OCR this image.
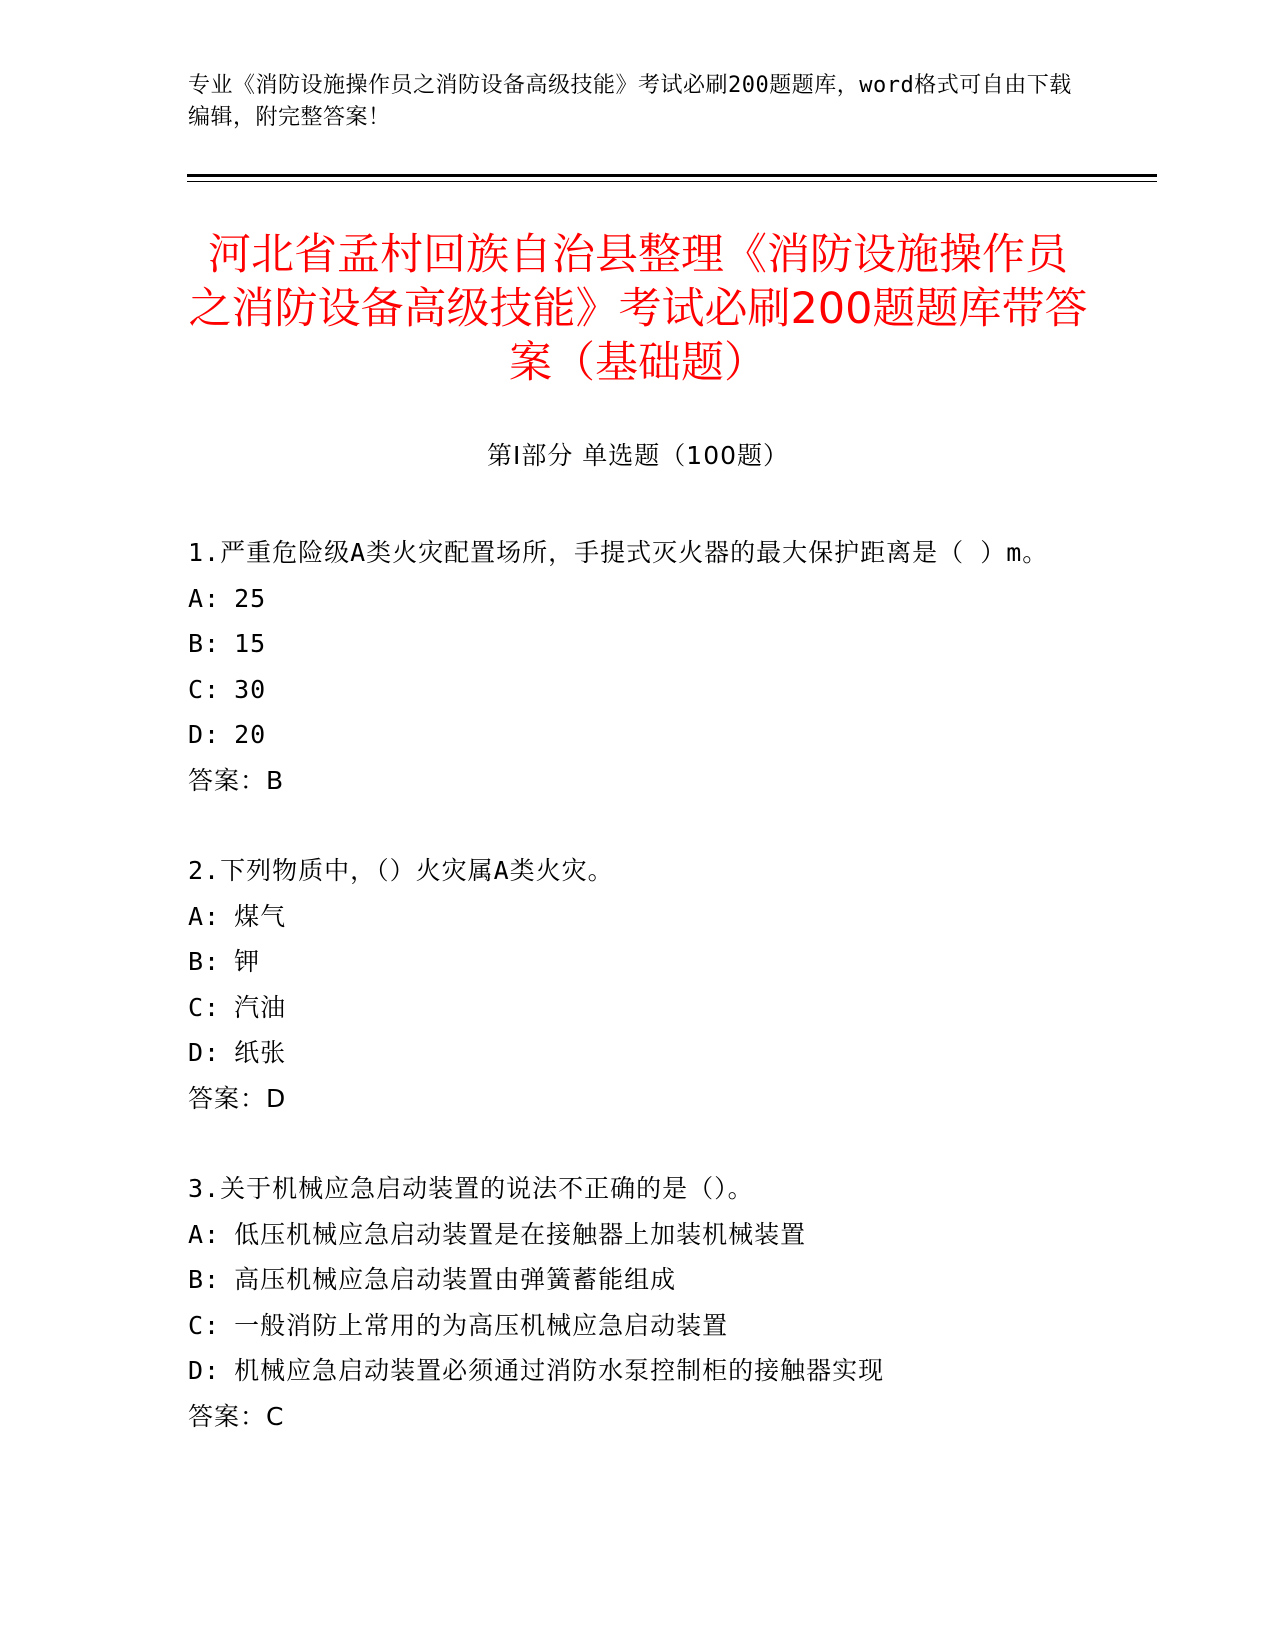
专业《消防设施操作员之消防设备高级技能》考试必刷200题题库，word格式可自由下载编辑，附完整答案！
河北省孟村回族自治县整理《消防设施操作员之消防设备高级技能》考试必刷200题题库带答案（基础题）
第Ⅰ部分 单选题（100题）
1.严重危险级A类火灾配置场所，手提式灭火器的最大保护距离是（ ）m。
A: 25
B: 15
C: 30
D: 20
答案：B
2.下列物质中，（）火灾属A类火灾。
A: 煤气
B: 钾
C: 汽油
D: 纸张
答案：D
3.关于机械应急启动装置的说法不正确的是（）。
A: 低压机械应急启动装置是在接触器上加装机械装置
B: 高压机械应急启动装置由弹簧蓄能组成
C: 一般消防上常用的为高压机械应急启动装置
D: 机械应急启动装置必须通过消防水泵控制柜的接触器实现
答案：C
